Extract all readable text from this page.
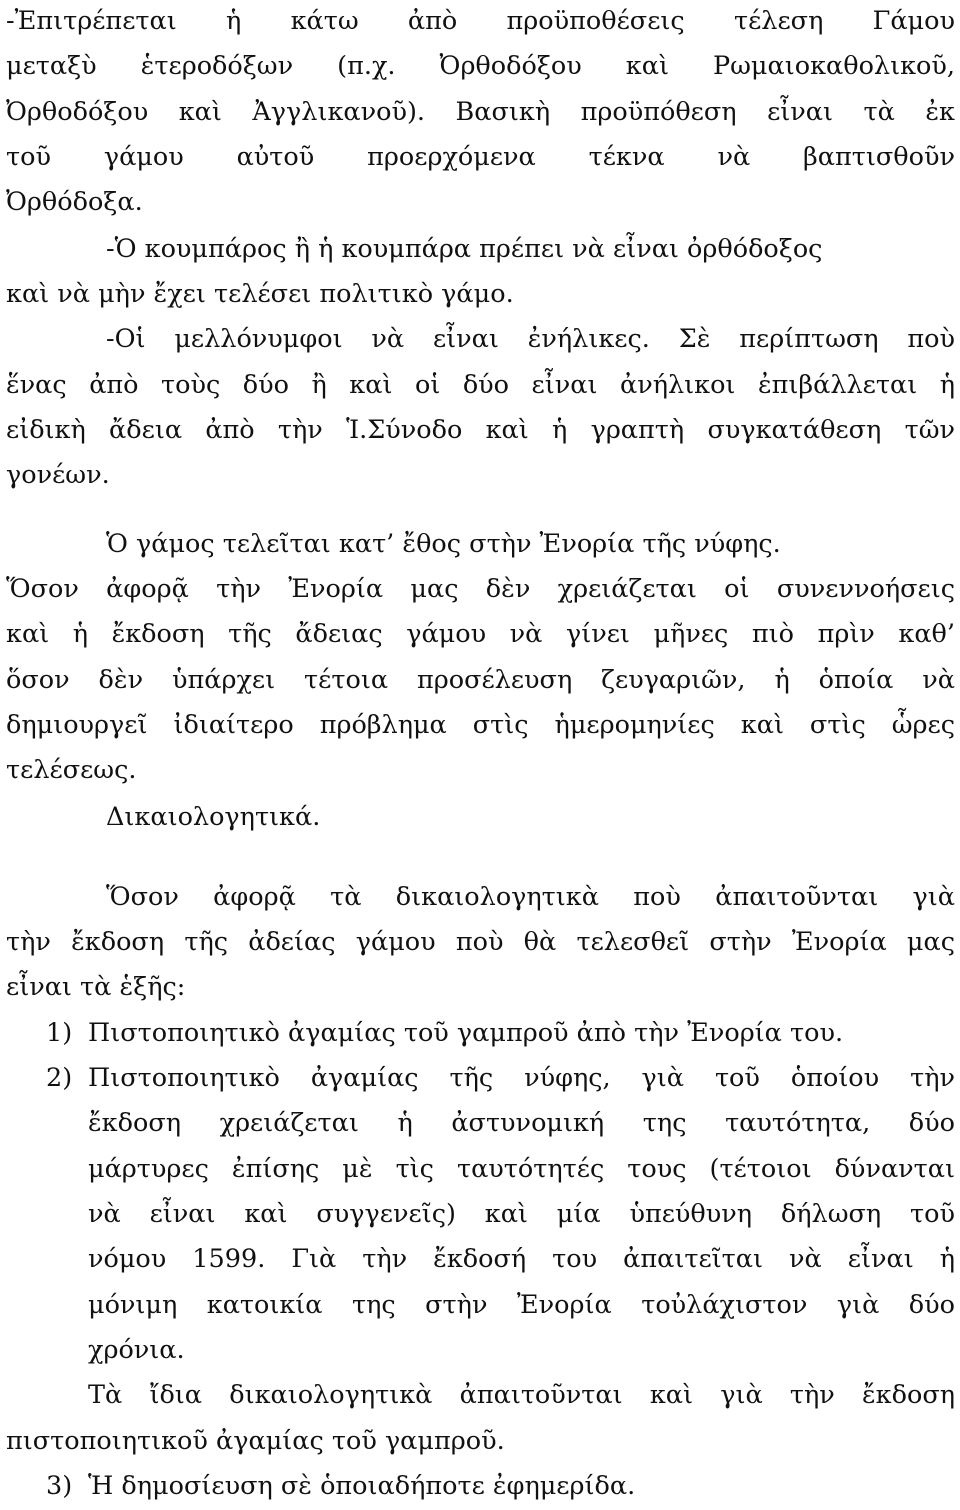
-Ἐπιτρέπεται ἡ κάτω ἀπὸ προϋποθέσεις τέλεση Γάμου
μεταξὺ ἑτεροδόξων (π.χ. Ὀρθοδόξου καὶ Ρωμαιοκαθολικοῦ,
Ὀρθοδόξου καὶ Ἀγγλικανοῦ). Βασικὴ προϋπόθεση εἶναι τὰ ἐκ
τοῦ γάμου αὐτοῦ προερχόμενα τέκνα νὰ βαπτισθοῦν
Ὀρθόδοξα.
-Ὁ κουμπάρος ἢ ἡ κουμπάρα πρέπει νὰ εἶναι ὀρθόδοξος
καὶ νὰ μὴν ἔχει τελέσει πολιτικὸ γάμο.
-Οἱ μελλόνυμφοι νὰ εἶναι ἐνήλικες. Σὲ περίπτωση ποὺ
ἕνας ἀπὸ τοὺς δύο ἢ καὶ οἱ δύο εἶναι ἀνήλικοι ἐπιβάλλεται ἡ
εἰδικὴ ἄδεια ἀπὸ τὴν Ἱ.Σύνοδο καὶ ἡ γραπτὴ συγκατάθεση τῶν
γονέων.
Ὁ γάμος τελεῖται κατ’ ἔθος στὴν Ἐνορία τῆς νύφης.
Ὅσον ἀφορᾷ τὴν Ἐνορία μας δὲν χρειάζεται οἱ συνεννοήσεις
καὶ ἡ ἔκδοση τῆς ἄδειας γάμου νὰ γίνει μῆνες πιὸ πρὶν καθ’
ὅσον δὲν ὑπάρχει τέτοια προσέλευση ζευγαριῶν, ἡ ὁποία νὰ
δημιουργεῖ ἰδιαίτερο πρόβλημα στὶς ἡμερομηνίες καὶ στὶς ὧρες
τελέσεως.
Δικαιολογητικά.
Ὅσον ἀφορᾷ τὰ δικαιολογητικὰ ποὺ ἀπαιτοῦνται γιὰ
τὴν ἔκδοση τῆς ἀδείας γάμου ποὺ θὰ τελεσθεῖ στὴν Ἐνορία μας
εἶναι τὰ ἑξῆς:
1) Πιστοποιητικὸ ἀγαμίας τοῦ γαμπροῦ ἀπὸ τὴν Ἐνορία του.
2) Πιστοποιητικὸ ἀγαμίας τῆς νύφης, γιὰ τοῦ ὁποίου τὴν
ἔκδοση χρειάζεται ἡ ἀστυνομική της ταυτότητα, δύο
μάρτυρες ἐπίσης μὲ τὶς ταυτότητές τους (τέτοιοι δύνανται
νὰ εἶναι καὶ συγγενεῖς) καὶ μία ὑπεύθυνη δήλωση τοῦ
νόμου 1599. Γιὰ τὴν ἔκδοσή του ἀπαιτεῖται νὰ εἶναι ἡ
μόνιμη κατοικία της στὴν Ἐνορία τοὐλάχιστον γιὰ δύο
χρόνια.
Τὰ ἴδια δικαιολογητικὰ ἀπαιτοῦνται καὶ γιὰ τὴν ἔκδοση
πιστοποιητικοῦ ἀγαμίας τοῦ γαμπροῦ.
3) Ἡ δημοσίευση σὲ ὁποιαδήποτε ἐφημερίδα.
